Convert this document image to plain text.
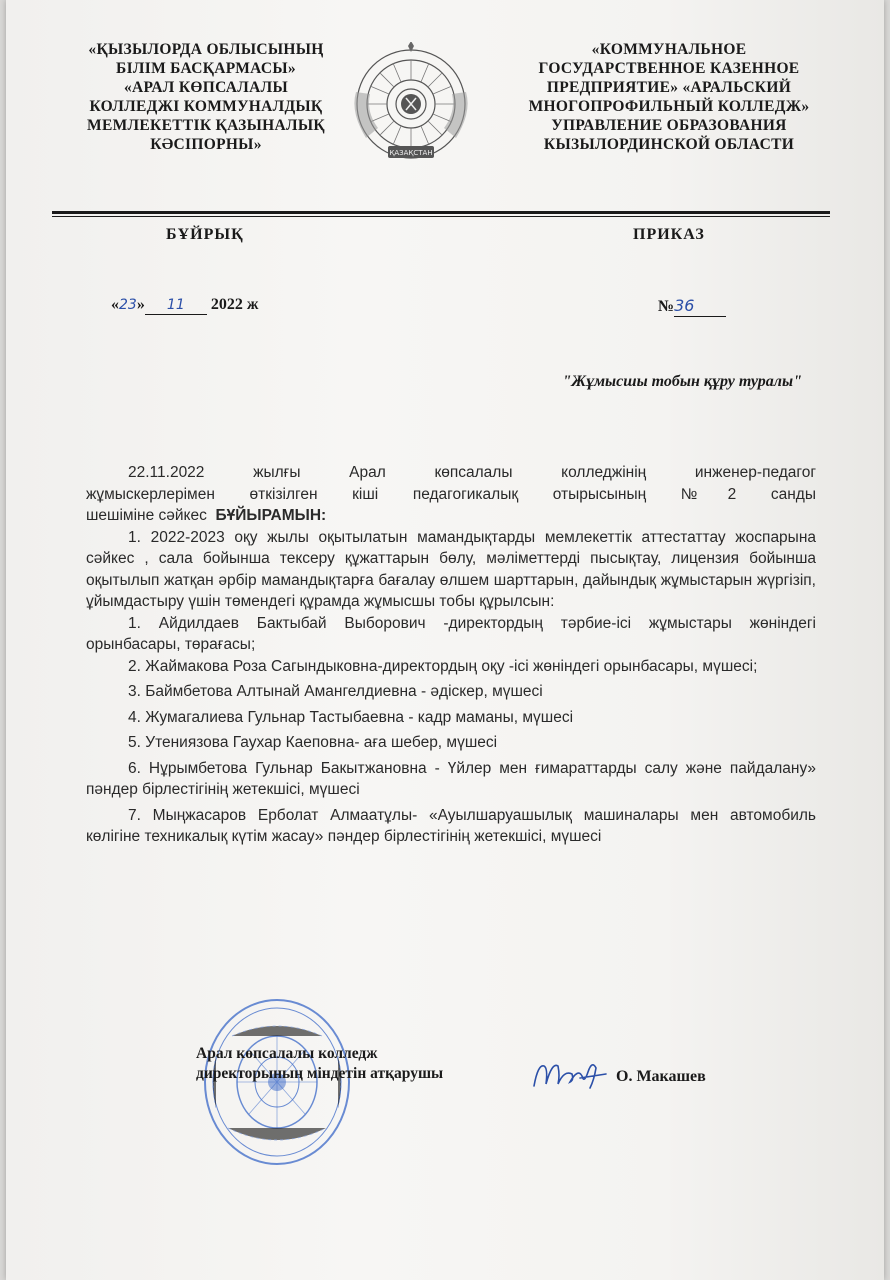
«ҚЫЗЫЛОРДА ОБЛЫСЫНЫҢ
БІЛІМ БАСҚАРМАСЫ»
«АРАЛ КӨПСАЛАЛЫ
КОЛЛЕДЖІ КОММУНАЛДЫҚ
МЕМЛЕКЕТТІК ҚАЗЫНАЛЫҚ
КӘСІПОРНЫ»	ҚАЗАҚСТАН
«КОММУНАЛЬНОЕ
ГОСУДАРСТВЕННОЕ КАЗЕННОЕ
ПРЕДПРИЯТИЕ» «АРАЛЬСКИЙ
МНОГОПРОФИЛЬНЫЙ КОЛЛЕДЖ»
УПРАВЛЕНИЕ ОБРАЗОВАНИЯ
КЫЗЫЛОРДИНСКОЙ ОБЛАСТИ
БҰЙРЫҚ	ПРИКАЗ
«23» 11 2022 ж	№36
"Жұмысшы тобын құру туралы"

22.11.2022 жылғы Арал көпсалалы колледжінің инженер-педагог

жұмыскерлерімен өткізілген кіші педагогикалық отырысының №2 санды

шешіміне сәйкес БҰЙЫРАМЫН:

1. 2022-2023 оқу жылы оқытылатын мамандықтарды мемлекеттік аттестаттау жоспарына сәйкес , сала бойынша тексеру құжаттарын бөлу, мәліметтерді пысықтау, лицензия бойынша оқытылып жатқан әрбір мамандықтарға бағалау өлшем шарттарын, дайындық жұмыстарын жүргізіп, ұйымдастыру үшін төмендегі құрамда жұмысшы тобы құрылсын:

1. Айдилдаев Бактыбай Выборович -директордың тәрбие-ісі жұмыстары жөніндегі орынбасары, төрағасы;

2. Жаймакова Роза Сагындыковна-директордың оқу -ісі жөніндегі орынбасары, мүшесі;

3. Баймбетова Алтынай Амангелдиевна - әдіскер, мүшесі

4. Жумагалиева Гульнар Тастыбаевна - кадр маманы, мүшесі

5. Утениязова Гаухар Каеповна- аға шебер, мүшесі

6. Нұрымбетова Гульнар Бакытжановна - Үйлер мен ғимараттарды салу және пайдалану» пәндер бірлестігінің жетекшісі, мүшесі

7. Мыңжасаров Ерболат Алмаатұлы- «Ауылшаруашылық машиналары мен автомобиль көлігіне техникалық күтім жасау» пәндер бірлестігінің жетекшісі, мүшесі

Арал көпсалалы колледж
директорының міндетін атқарушы	О. Макашев
